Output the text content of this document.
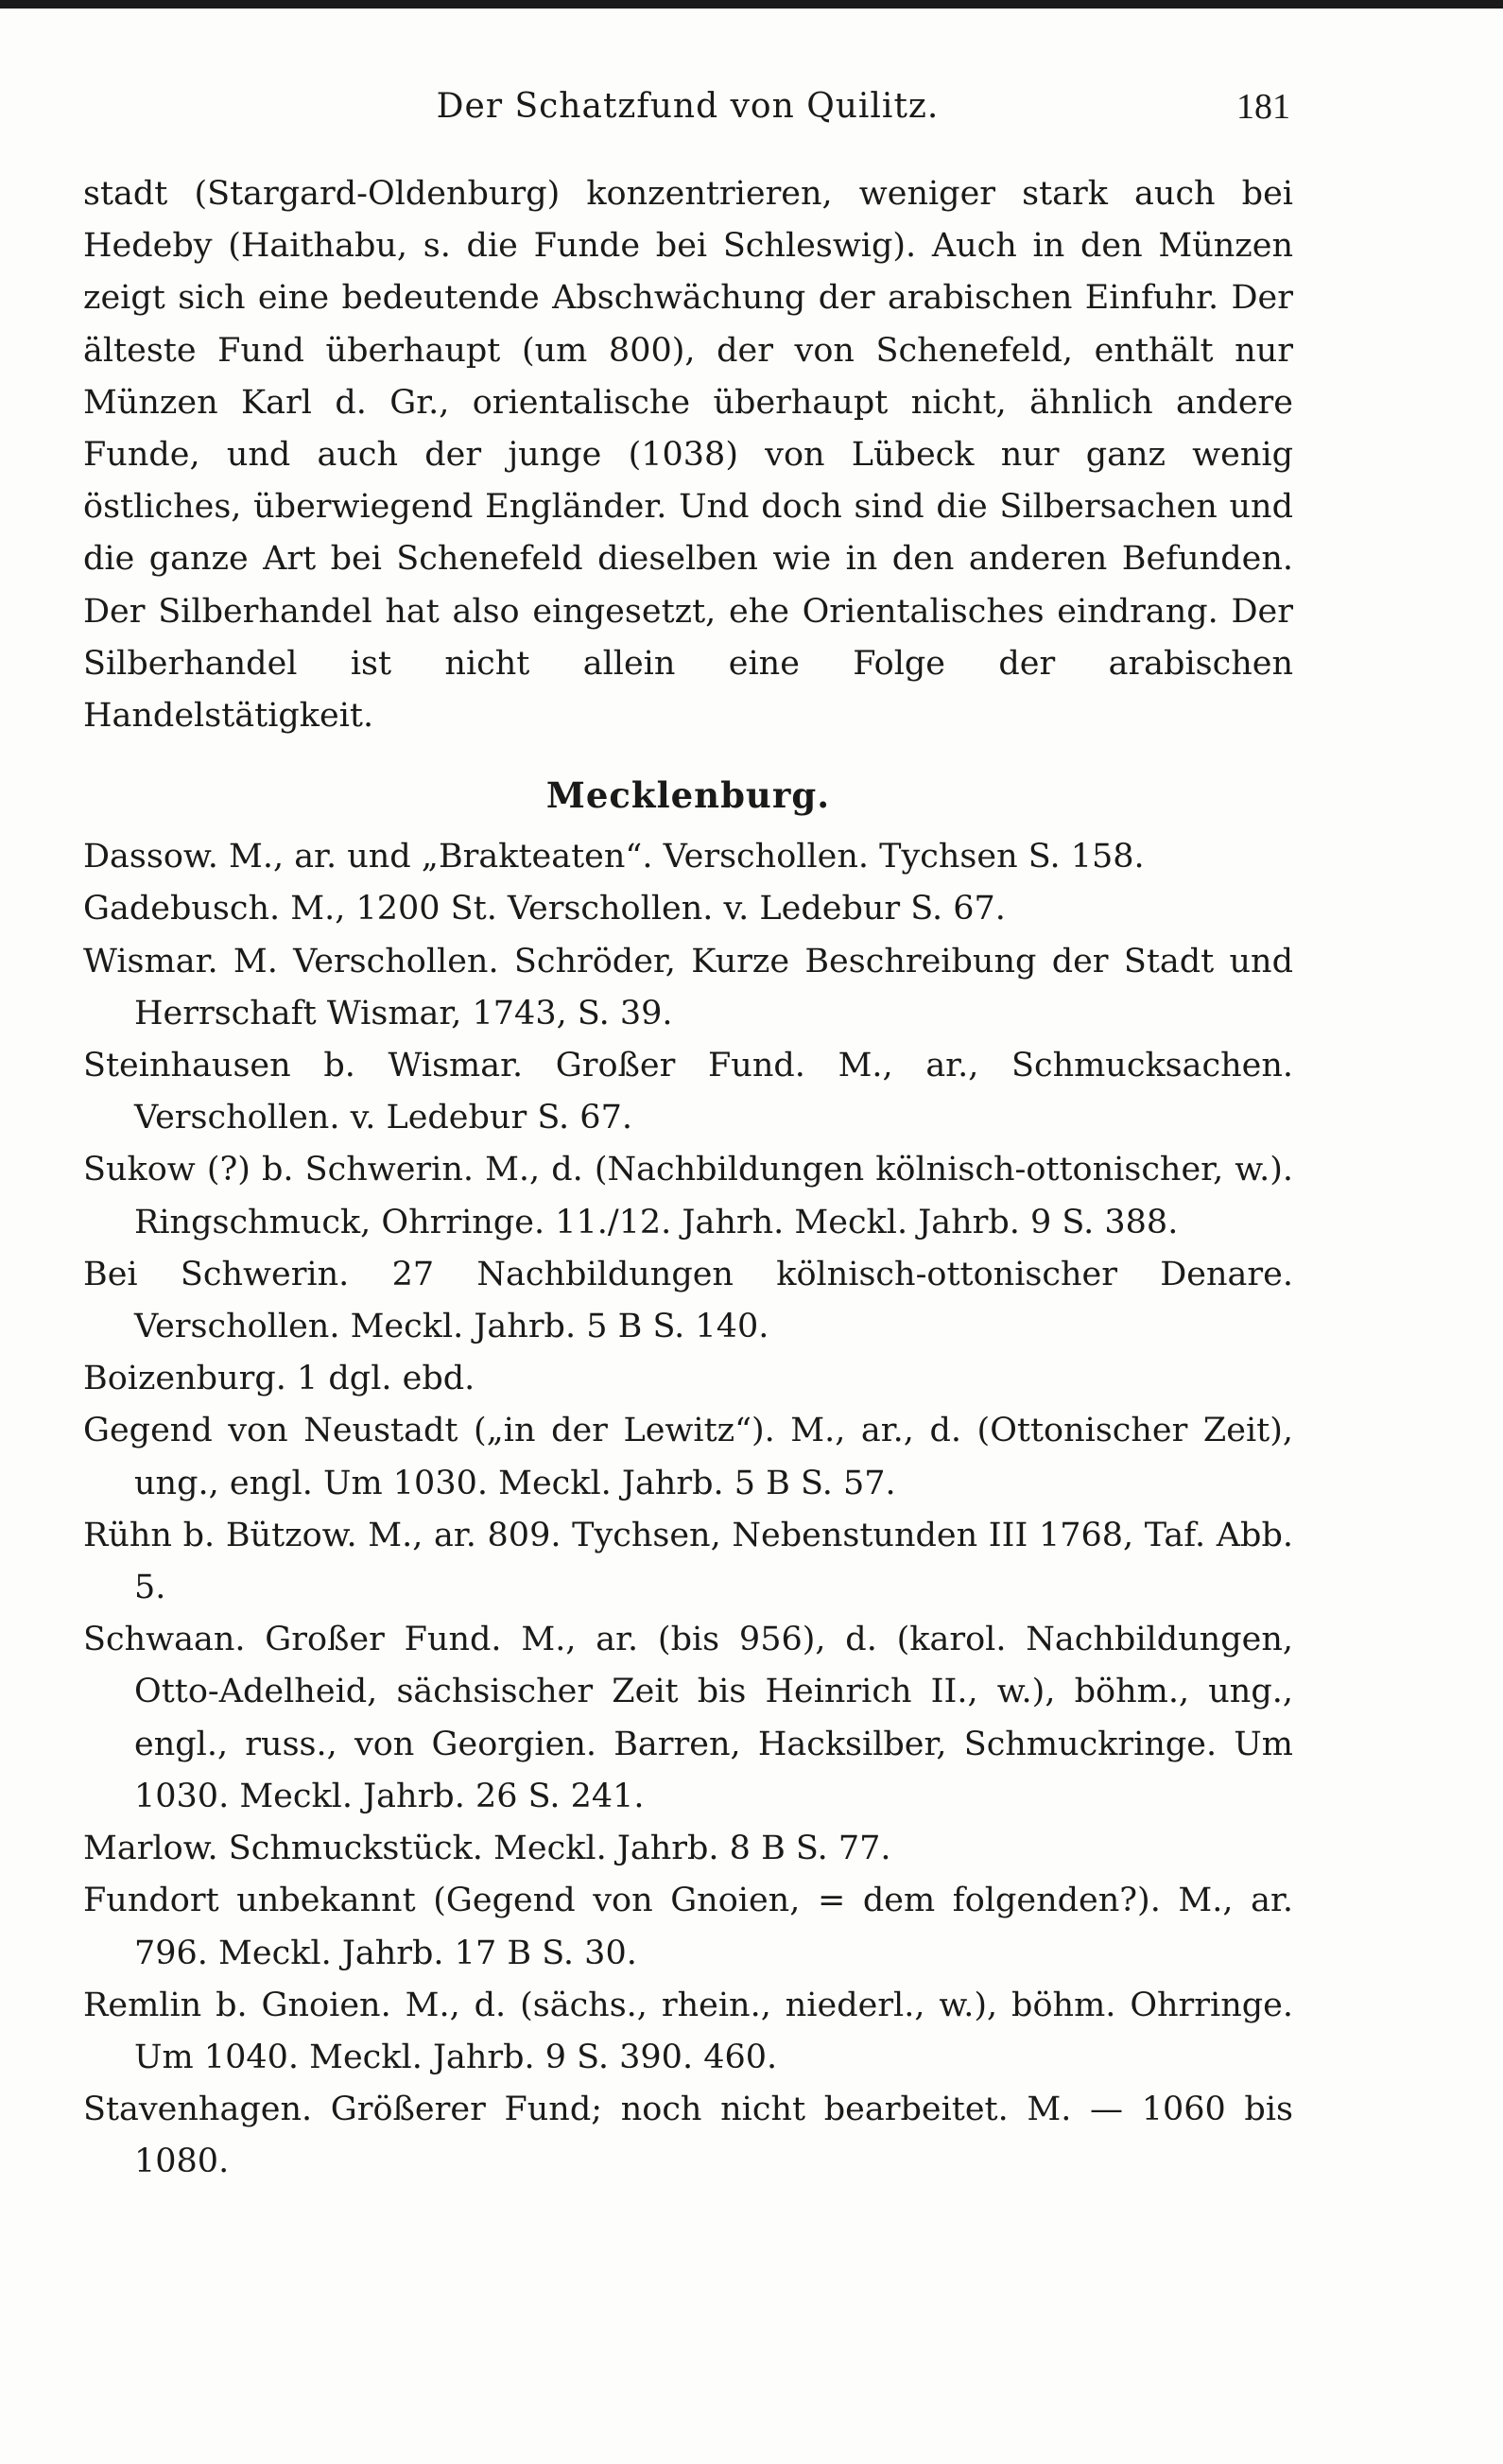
Der Schatzfund von Quilitz.	181

stadt (Stargard-Oldenburg) konzentrieren, weniger stark auch bei Hedeby (Haithabu, s. die Funde bei Schleswig). Auch in den Münzen zeigt sich eine bedeutende Abschwächung der arabischen Einfuhr. Der älteste Fund überhaupt (um 800), der von Schenefeld, enthält nur Münzen Karl d. Gr., orientalische überhaupt nicht, ähnlich andere Funde, und auch der junge (1038) von Lübeck nur ganz wenig östliches, überwiegend Engländer. Und doch sind die Silbersachen und die ganze Art bei Schenefeld dieselben wie in den anderen Befunden. Der Silberhandel hat also eingesetzt, ehe Orientalisches eindrang. Der Silberhandel ist nicht allein eine Folge der arabischen Handelstätigkeit.

Mecklenburg.
Dassow. M., ar. und „Brakteaten“. Verschollen. Tychsen S. 158.
Gadebusch. M., 1200 St. Verschollen. v. Ledebur S. 67.
Wismar. M. Verschollen. Schröder, Kurze Beschreibung der Stadt und Herrschaft Wismar, 1743, S. 39.
Steinhausen b. Wismar. Großer Fund. M., ar., Schmucksachen. Verschollen. v. Ledebur S. 67.
Sukow (?) b. Schwerin. M., d. (Nachbildungen kölnisch-ottonischer, w.). Ringschmuck, Ohrringe. 11./12. Jahrh. Meckl. Jahrb. 9 S. 388.
Bei Schwerin. 27 Nachbildungen kölnisch-ottonischer Denare. Verschollen. Meckl. Jahrb. 5 B S. 140.
Boizenburg. 1 dgl. ebd.
Gegend von Neustadt („in der Lewitz“). M., ar., d. (Ottonischer Zeit), ung., engl. Um 1030. Meckl. Jahrb. 5 B S. 57.
Rühn b. Bützow. M., ar. 809. Tychsen, Nebenstunden III 1768, Taf. Abb. 5.
Schwaan. Großer Fund. M., ar. (bis 956), d. (karol. Nachbildungen, Otto-Adelheid, sächsischer Zeit bis Heinrich II., w.), böhm., ung., engl., russ., von Georgien. Barren, Hacksilber, Schmuckringe. Um 1030. Meckl. Jahrb. 26 S. 241.
Marlow. Schmuckstück. Meckl. Jahrb. 8 B S. 77.
Fundort unbekannt (Gegend von Gnoien, = dem folgenden?). M., ar. 796. Meckl. Jahrb. 17 B S. 30.
Remlin b. Gnoien. M., d. (sächs., rhein., niederl., w.), böhm. Ohrringe. Um 1040. Meckl. Jahrb. 9 S. 390. 460.
Stavenhagen. Größerer Fund; noch nicht bearbeitet. M. — 1060 bis 1080.
